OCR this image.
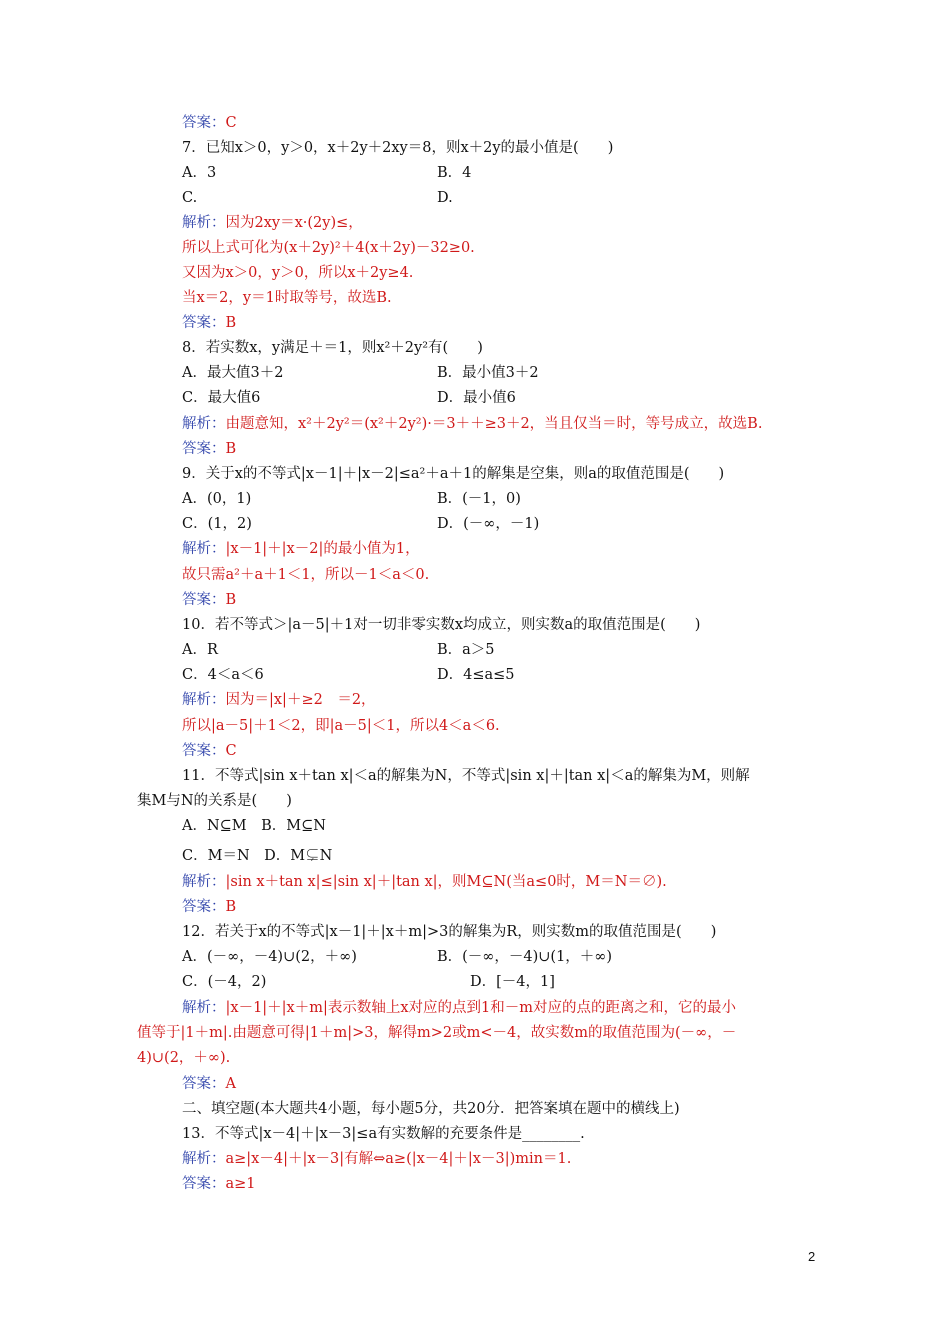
答案：C
7．已知x＞0，y＞0，x＋2y＋2xy＝8，则x＋2y的最小值是(　　)
A．3	B．4
C.	D.
解析：因为2xy＝x·(2y)≤，
所以上式可化为(x＋2y)²＋4(x＋2y)－32≥0.
又因为x＞0，y＞0，所以x＋2y≥4.
当x＝2，y＝1时取等号，故选B.
答案：B
8．若实数x，y满足＋＝1，则x²＋2y²有(　　)
A．最大值3＋2	B．最小值3＋2
C．最大值6	D．最小值6
解析：由题意知，x²＋2y²＝(x²＋2y²)·＝3＋＋≥3＋2，当且仅当＝时，等号成立，故选B.
答案：B
9．关于x的不等式|x－1|＋|x－2|≤a²＋a＋1的解集是空集，则a的取值范围是(　　)
A．(0，1)	B．(－1，0)
C．(1，2)	D．(－∞，－1)
解析：|x－1|＋|x－2|的最小值为1，
故只需a²＋a＋1＜1，所以－1＜a＜0.
答案：B
10．若不等式＞|a－5|＋1对一切非零实数x均成立，则实数a的取值范围是(　　)
A．R	B．a＞5
C．4＜a＜6	D．4≤a≤5
解析：因为＝|x|＋≥2　＝2，
所以|a－5|＋1＜2，即|a－5|＜1，所以4＜a＜6.
答案：C
11．不等式|sin x＋tan x|＜a的解集为N，不等式|sin x|＋|tan x|＜a的解集为M，则解
集M与N的关系是(　　)
A．N⊆M　B．M⊆N
C．M＝N　D．M⊊N
解析：|sin x＋tan x|≤|sin x|＋|tan x|，则M⊆N(当a≤0时，M＝N＝∅).
答案：B
12．若关于x的不等式|x－1|＋|x＋m|>3的解集为R，则实数m的取值范围是(　　)
A．(－∞，－4)∪(2，＋∞)	B．(－∞，－4)∪(1，＋∞)
C．(－4，2)	D．[－4，1]
解析：|x－1|＋|x＋m|表示数轴上x对应的点到1和－m对应的点的距离之和，它的最小
值等于|1＋m|.由题意可得|1＋m|>3，解得m>2或m<－4，故实数m的取值范围为(－∞，－
4)∪(2，＋∞).
答案：A
二、填空题(本大题共4小题，每小题5分，共20分．把答案填在题中的横线上)
13．不等式|x－4|＋|x－3|≤a有实数解的充要条件是________.
解析：a≥|x－4|＋|x－3|有解⇔a≥(|x－4|＋|x－3|)min＝1.
答案：a≥1
2
